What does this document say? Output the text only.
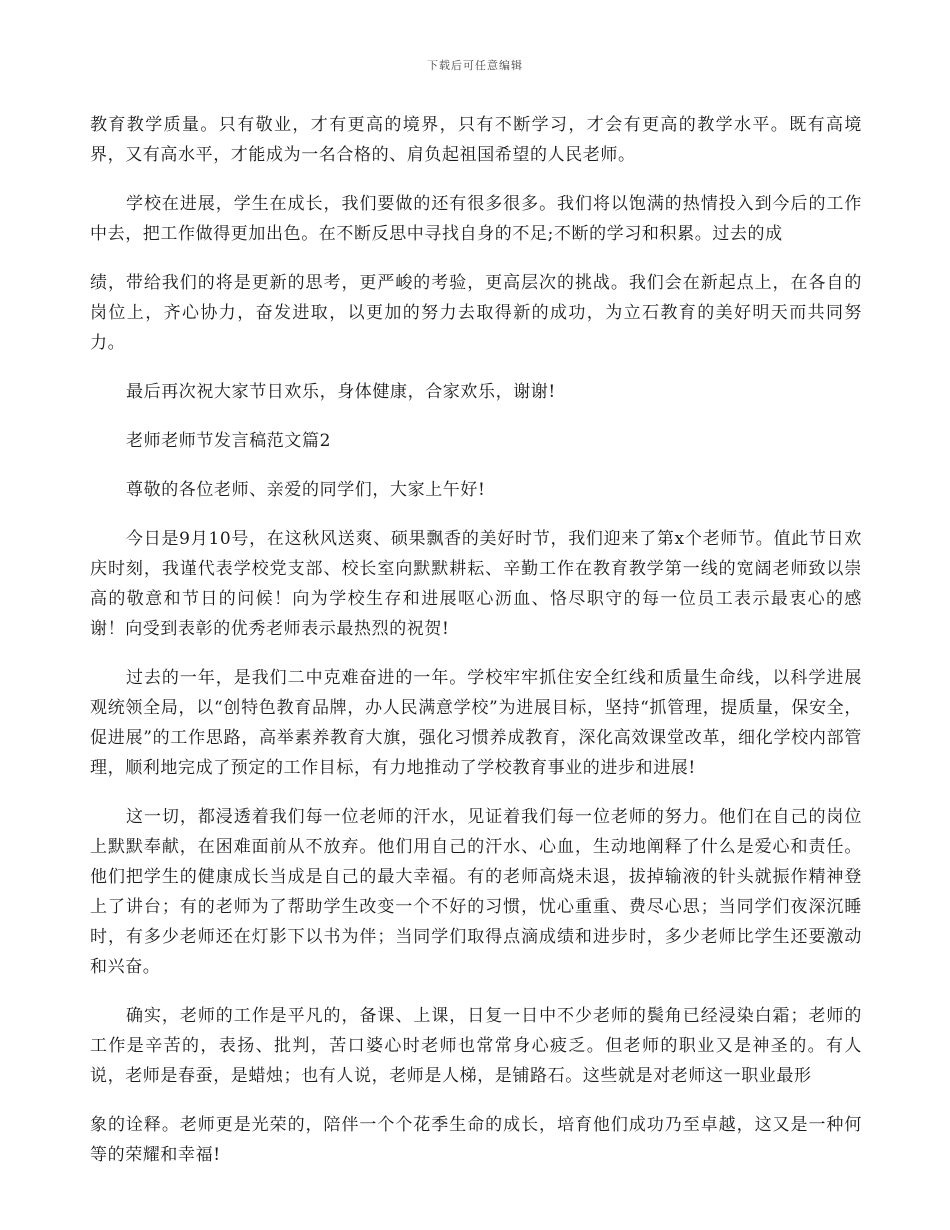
下载后可任意编辑

教育教学质量。只有敬业，才有更高的境界，只有不断学习，才会有更高的教学水平。既有高境界，又有高水平，才能成为一名合格的、肩负起祖国希望的人民老师。

学校在进展，学生在成长，我们要做的还有很多很多。我们将以饱满的热情投入到今后的工作中去，把工作做得更加出色。在不断反思中寻找自身的不足;不断的学习和积累。过去的成

绩，带给我们的将是更新的思考，更严峻的考验，更高层次的挑战。我们会在新起点上，在各自的岗位上，齐心协力，奋发进取，以更加的努力去取得新的成功，为立石教育的美好明天而共同努力。

最后再次祝大家节日欢乐，身体健康，合家欢乐，谢谢!

老师老师节发言稿范文篇2

尊敬的各位老师、亲爱的同学们，大家上午好!

今日是9月10号，在这秋风送爽、硕果飘香的美好时节，我们迎来了第x个老师节。值此节日欢庆时刻，我谨代表学校党支部、校长室向默默耕耘、辛勤工作在教育教学第一线的宽阔老师致以崇高的敬意和节日的问候！向为学校生存和进展呕心沥血、恪尽职守的每一位员工表示最衷心的感谢！向受到表彰的优秀老师表示最热烈的祝贺!

过去的一年，是我们二中克难奋进的一年。学校牢牢抓住安全红线和质量生命线，以科学进展观统领全局，以“创特色教育品牌，办人民满意学校”为进展目标，坚持“抓管理，提质量，保安全，促进展”的工作思路，高举素养教育大旗，强化习惯养成教育，深化高效课堂改革，细化学校内部管理，顺利地完成了预定的工作目标，有力地推动了学校教育事业的进步和进展!

这一切，都浸透着我们每一位老师的汗水，见证着我们每一位老师的努力。他们在自己的岗位上默默奉献，在困难面前从不放弃。他们用自己的汗水、心血，生动地阐释了什么是爱心和责任。他们把学生的健康成长当成是自己的最大幸福。有的老师高烧未退，拔掉输液的针头就振作精神登上了讲台；有的老师为了帮助学生改变一个不好的习惯，忧心重重、费尽心思；当同学们夜深沉睡时，有多少老师还在灯影下以书为伴；当同学们取得点滴成绩和进步时，多少老师比学生还要激动和兴奋。

确实，老师的工作是平凡的，备课、上课，日复一日中不少老师的鬓角已经浸染白霜；老师的工作是辛苦的，表扬、批判，苦口婆心时老师也常常身心疲乏。但老师的职业又是神圣的。有人说，老师是春蚕，是蜡烛；也有人说，老师是人梯，是铺路石。这些就是对老师这一职业最形

象的诠释。老师更是光荣的，陪伴一个个花季生命的成长，培育他们成功乃至卓越，这又是一种何等的荣耀和幸福!
